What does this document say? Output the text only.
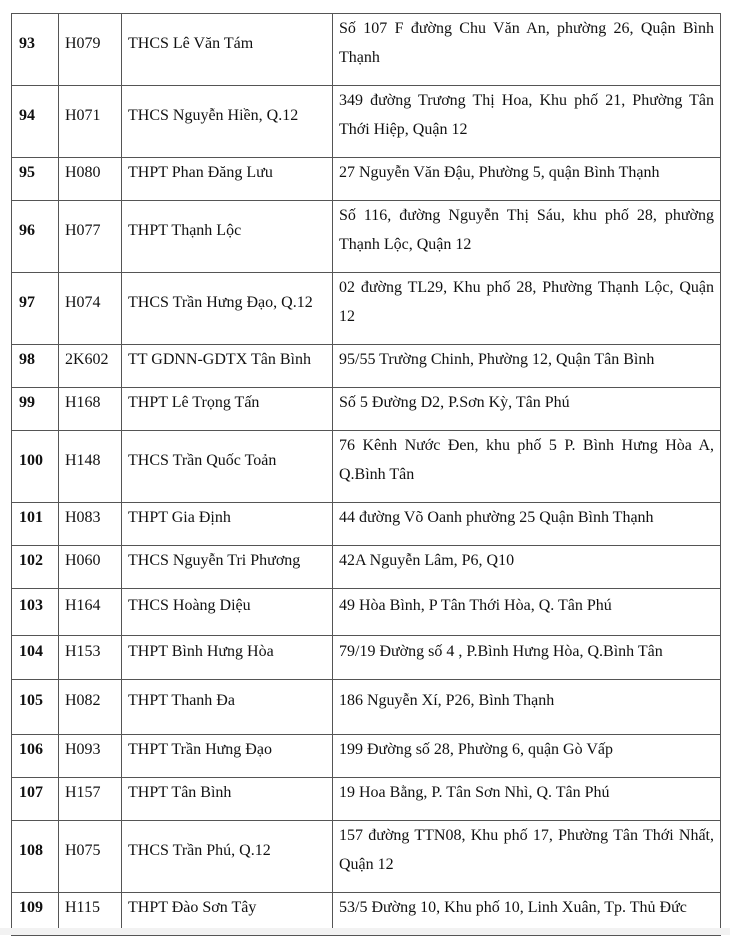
93	H079	THCS Lê Văn Tám	Số 107 F đường Chu Văn An, phường 26, Quận Bình Thạnh
94	H071	THCS Nguyễn Hiền, Q.12	349 đường Trương Thị Hoa, Khu phố 21, Phường Tân Thới Hiệp, Quận 12
95	H080	THPT Phan Đăng Lưu	27 Nguyễn Văn Đậu, Phường 5, quận Bình Thạnh
96	H077	THPT Thạnh Lộc	Số 116, đường Nguyễn Thị Sáu, khu phố 28, phường Thạnh Lộc, Quận 12
97	H074	THCS Trần Hưng Đạo, Q.12	02 đường TL29, Khu phố 28, Phường Thạnh Lộc, Quận 12
98	2K602	TT GDNN-GDTX Tân Bình	95/55 Trường Chinh, Phường 12, Quận Tân Bình
99	H168	THPT Lê Trọng Tấn	Số 5 Đường D2, P.Sơn Kỳ, Tân Phú
100	H148	THCS Trần Quốc Toản	76 Kênh Nước Đen, khu phố 5 P. Bình Hưng Hòa A, Q.Bình Tân
101	H083	THPT Gia Định	44 đường Võ Oanh phường 25 Quận Bình Thạnh
102	H060	THCS Nguyễn Tri Phương	42A Nguyễn Lâm, P6, Q10
103	H164	THCS Hoàng Diệu	49 Hòa Bình, P Tân Thới Hòa, Q. Tân Phú
104	H153	THPT Bình Hưng Hòa	79/19 Đường số 4 , P.Bình Hưng Hòa, Q.Bình Tân
105	H082	THPT Thanh Đa	186 Nguyễn Xí, P26, Bình Thạnh
106	H093	THPT Trần Hưng Đạo	199 Đường số 28, Phường 6, quận Gò Vấp
107	H157	THPT Tân Bình	19 Hoa Bằng, P. Tân Sơn Nhì, Q. Tân Phú
108	H075	THCS Trần Phú, Q.12	157 đường TTN08, Khu phố 17, Phường Tân Thới Nhất, Quận 12
109	H115	THPT Đào Sơn Tây	53/5 Đường 10, Khu phố 10, Linh Xuân, Tp. Thủ Đức
